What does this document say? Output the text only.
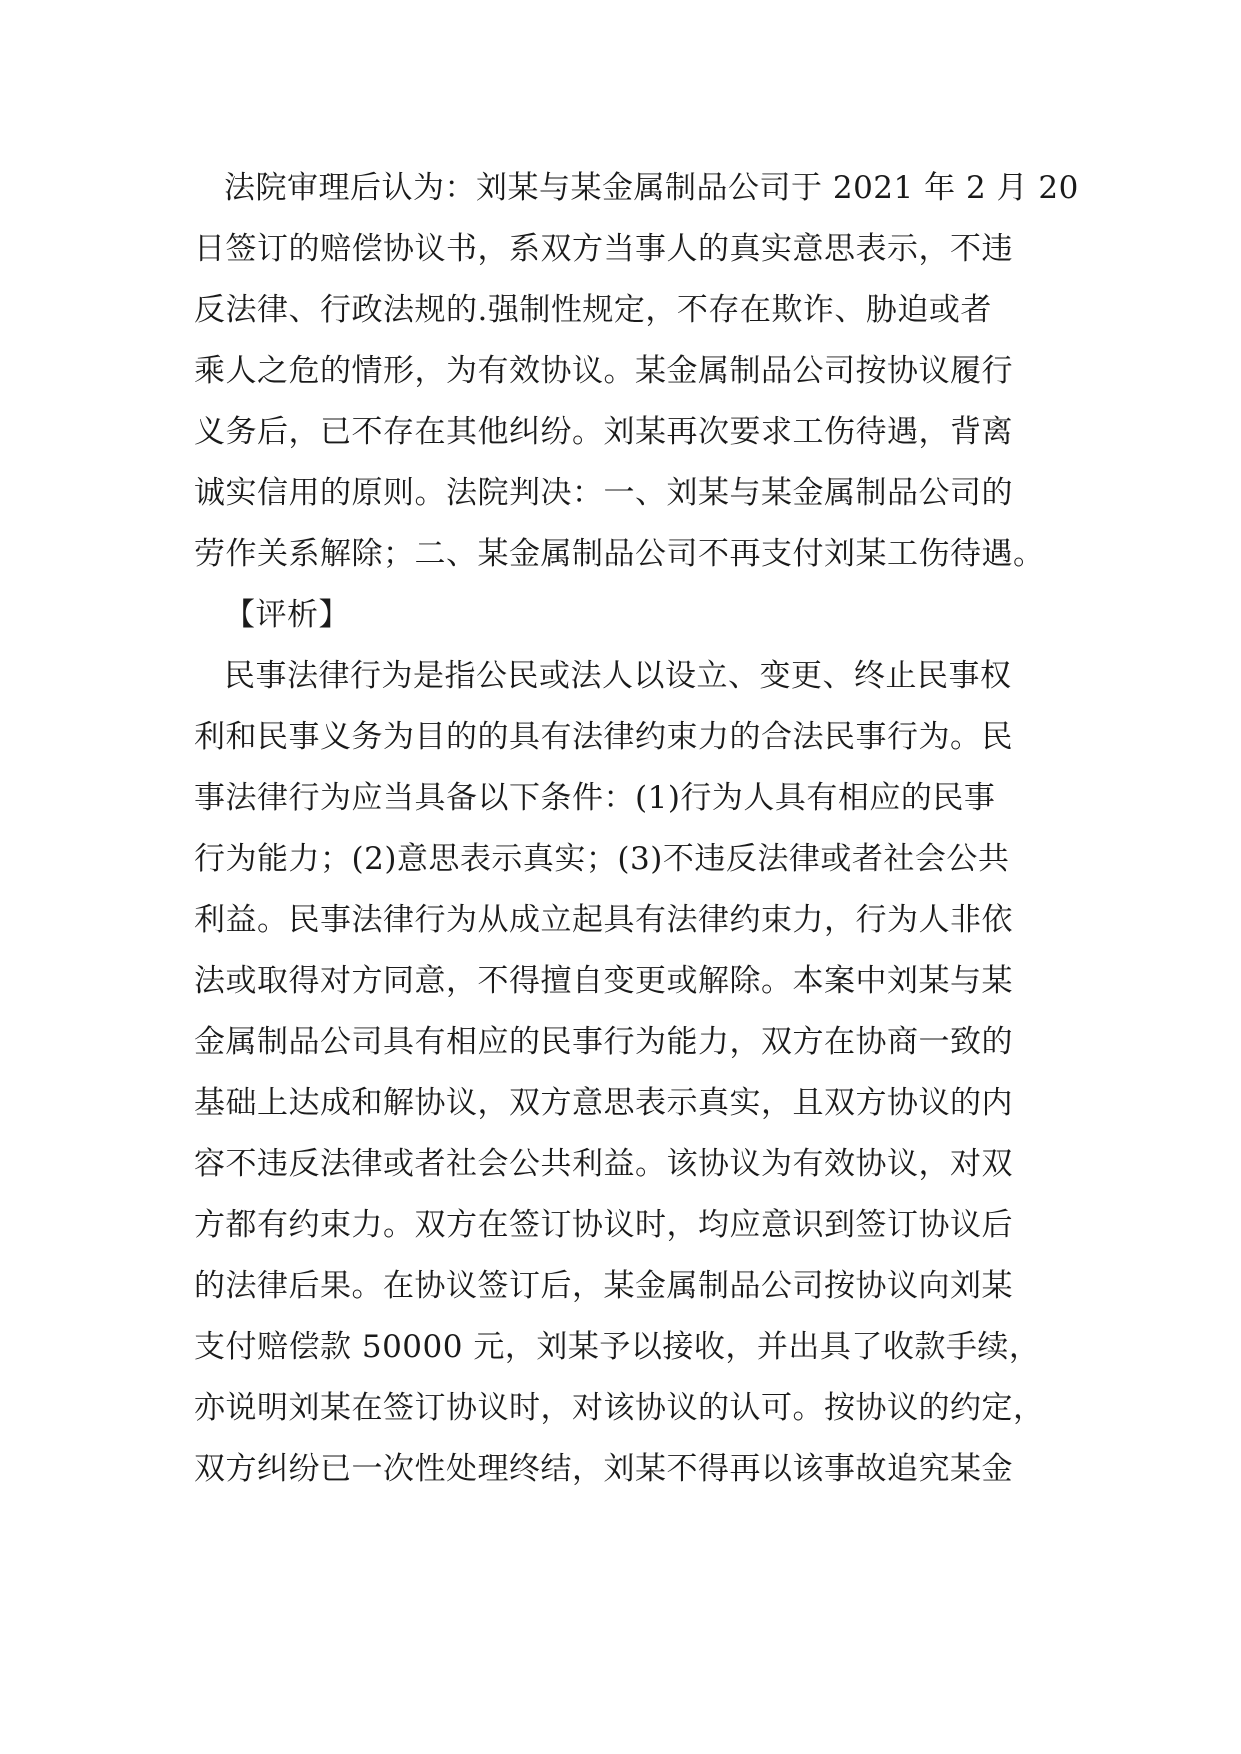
法院审理后认为：刘某与某金属制品公司于 2021 年 2 月 20
日签订的赔偿协议书，系双方当事人的真实意思表示，不违
反法律、行政法规的.强制性规定，不存在欺诈、胁迫或者
乘人之危的情形，为有效协议。某金属制品公司按协议履行
义务后，已不存在其他纠纷。刘某再次要求工伤待遇，背离
诚实信用的原则。法院判决：一、刘某与某金属制品公司的
劳作关系解除；二、某金属制品公司不再支付刘某工伤待遇。
【评析】
民事法律行为是指公民或法人以设立、变更、终止民事权
利和民事义务为目的的具有法律约束力的合法民事行为。民
事法律行为应当具备以下条件：(1)行为人具有相应的民事
行为能力；(2)意思表示真实；(3)不违反法律或者社会公共
利益。民事法律行为从成立起具有法律约束力，行为人非依
法或取得对方同意，不得擅自变更或解除。本案中刘某与某
金属制品公司具有相应的民事行为能力，双方在协商一致的
基础上达成和解协议，双方意思表示真实，且双方协议的内
容不违反法律或者社会公共利益。该协议为有效协议，对双
方都有约束力。双方在签订协议时，均应意识到签订协议后
的法律后果。在协议签订后，某金属制品公司按协议向刘某
支付赔偿款 50000 元，刘某予以接收，并出具了收款手续，
亦说明刘某在签订协议时，对该协议的认可。按协议的约定，
双方纠纷已一次性处理终结，刘某不得再以该事故追究某金
